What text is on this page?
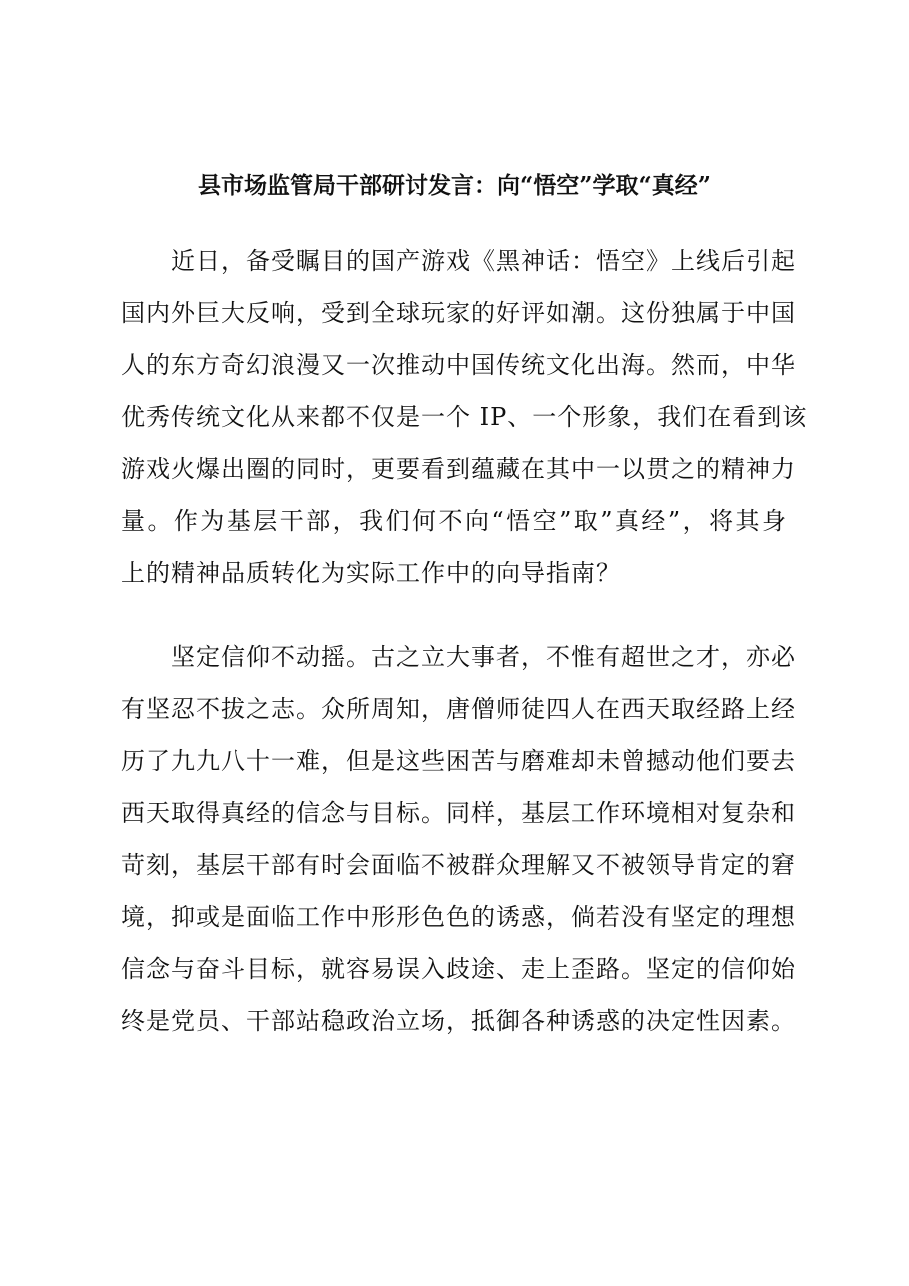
县市场监管局干部研讨发言：向“悟空”学取“真经”
近日，备受瞩目的国产游戏《黑神话：悟空》上线后引起
国内外巨大反响，受到全球玩家的好评如潮。这份独属于中国
人的东方奇幻浪漫又一次推动中国传统文化出海。然而，中华
优秀传统文化从来都不仅是一个 IP、一个形象，我们在看到该
游戏火爆出圈的同时，更要看到蕴藏在其中一以贯之的精神力
量。作为基层干部，我们何不向“悟空”取”真经”，将其身
上的精神品质转化为实际工作中的向导指南？
坚定信仰不动摇。古之立大事者，不惟有超世之才，亦必
有坚忍不拔之志。众所周知，唐僧师徒四人在西天取经路上经
历了九九八十一难，但是这些困苦与磨难却未曾撼动他们要去
西天取得真经的信念与目标。同样，基层工作环境相对复杂和
苛刻，基层干部有时会面临不被群众理解又不被领导肯定的窘
境，抑或是面临工作中形形色色的诱惑，倘若没有坚定的理想
信念与奋斗目标，就容易误入歧途、走上歪路。坚定的信仰始
终是党员、干部站稳政治立场，抵御各种诱惑的决定性因素。
